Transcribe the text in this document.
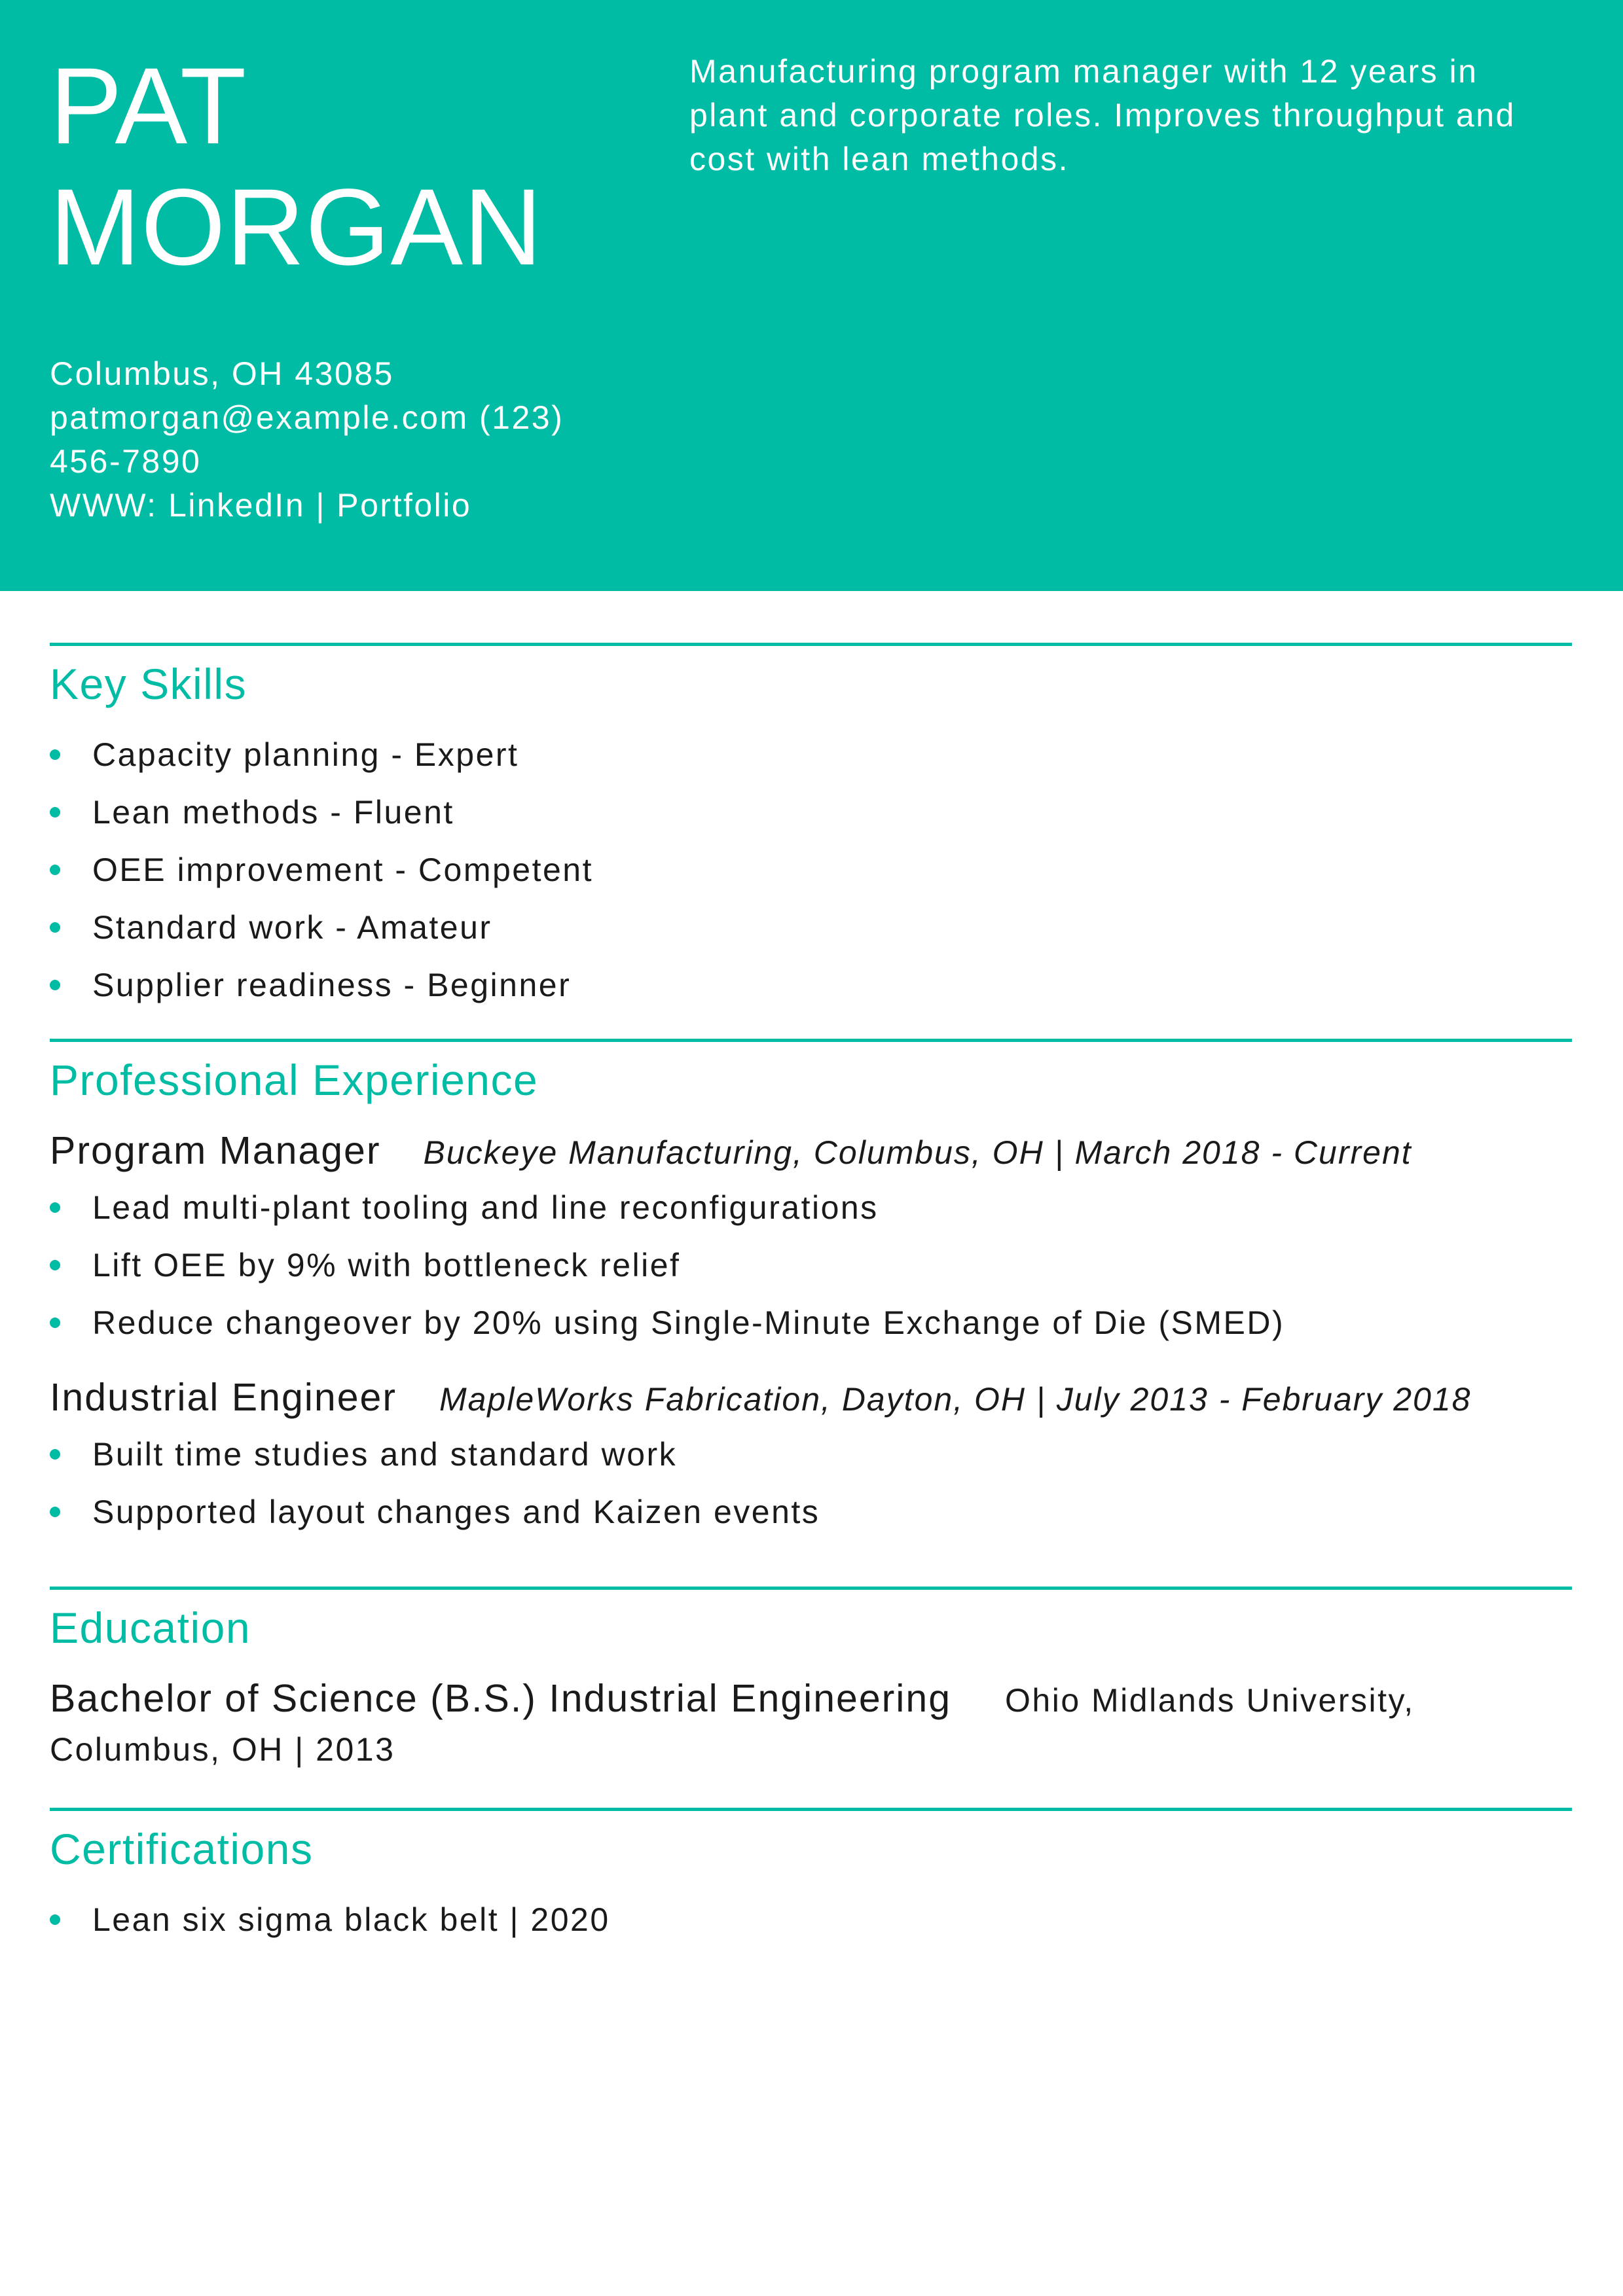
PAT
MORGAN
Manufacturing program manager with 12 years in plant and corporate roles. Improves throughput and cost with lean methods.
Columbus, OH 43085
patmorgan@example.com (123)
456-7890
WWW: LinkedIn | Portfolio
Key Skills
Capacity planning - Expert
Lean methods - Fluent
OEE improvement - Competent
Standard work - Amateur
Supplier readiness - Beginner
Professional Experience
Program Manager Buckeye Manufacturing, Columbus, OH | March 2018 - Current
Lead multi-plant tooling and line reconfigurations
Lift OEE by 9% with bottleneck relief
Reduce changeover by 20% using Single-Minute Exchange of Die (SMED)
Industrial Engineer MapleWorks Fabrication, Dayton, OH | July 2013 - February 2018
Built time studies and standard work
Supported layout changes and Kaizen events
Education
Bachelor of Science (B.S.) Industrial Engineering Ohio Midlands University,
Columbus, OH | 2013
Certifications
Lean six sigma black belt | 2020
